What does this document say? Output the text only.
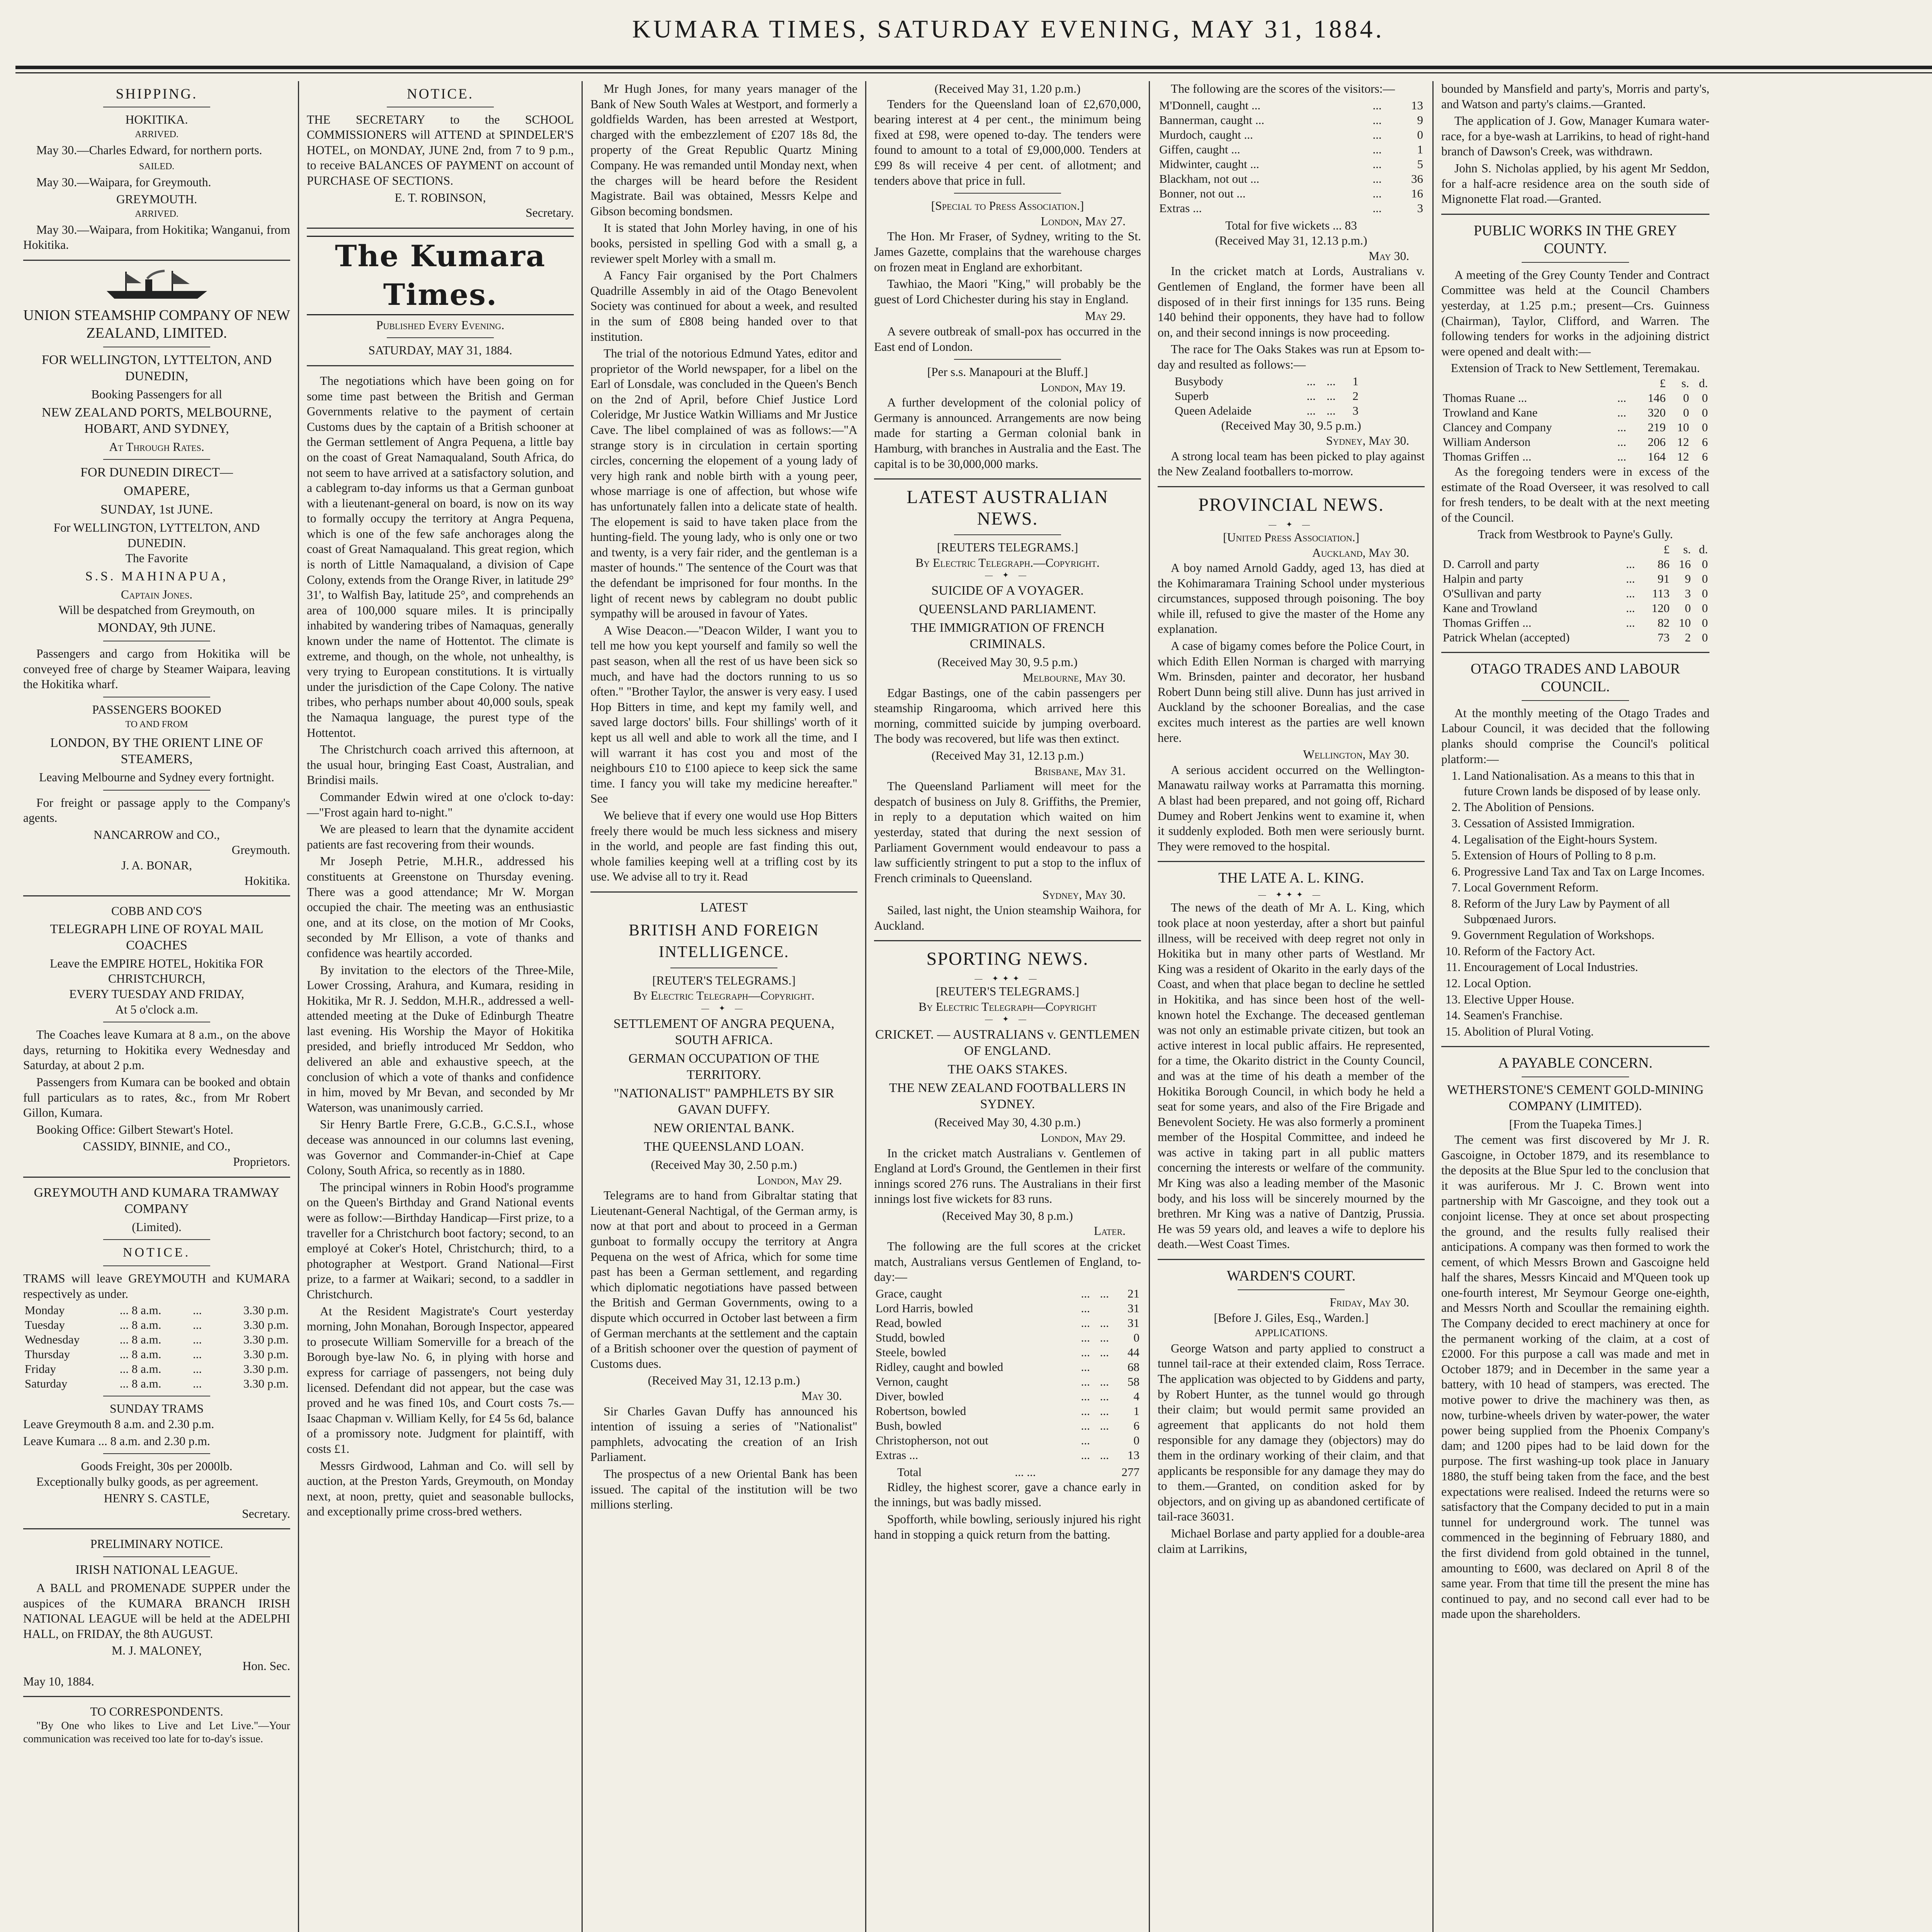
KUMARA TIMES, SATURDAY EVENING, MAY 31, 1884.
SHIPPING.
HOKITIKA.
ARRIVED.

May 30.—Charles Edward, for northern ports.

SAILED.

May 30.—Waipara, for Greymouth.

GREYMOUTH.
ARRIVED.

May 30.—Waipara, from Hokitika; Wanganui, from Hokitika.

UNION STEAMSHIP COMPANY OF NEW ZEALAND, LIMITED.
FOR WELLINGTON, LYTTELTON, AND DUNEDIN,
Booking Passengers for all
NEW ZEALAND PORTS, MELBOURNE, HOBART, AND SYDNEY,
At Through Rates.
FOR DUNEDIN DIRECT—
OMAPERE,
SUNDAY, 1st JUNE.
For WELLINGTON, LYTTELTON, AND DUNEDIN.
The Favorite
S.S. MAHINAPUA,
Captain Jones.
Will be despatched from Greymouth, on
MONDAY, 9th JUNE.

Passengers and cargo from Hokitika will be conveyed free of charge by Steamer Waipara, leaving the Hokitika wharf.

PASSENGERS BOOKED
TO AND FROM
LONDON, BY THE ORIENT LINE OF STEAMERS,
Leaving Melbourne and Sydney every fortnight.

For freight or passage apply to the Company's agents.

NANCARROW and CO.,
Greymouth.
J. A. BONAR,
Hokitika.
COBB AND CO'S
TELEGRAPH LINE OF ROYAL MAIL COACHES
Leave the EMPIRE HOTEL, Hokitika FOR CHRISTCHURCH,
EVERY TUESDAY AND FRIDAY,
At 5 o'clock a.m.

The Coaches leave Kumara at 8 a.m., on the above days, returning to Hokitika every Wednesday and Saturday, at about 2 p.m.

Passengers from Kumara can be booked and obtain full particulars as to rates, &c., from Mr Robert Gillon, Kumara.

Booking Office: Gilbert Stewart's Hotel.

CASSIDY, BINNIE, and CO.,
Proprietors.
GREYMOUTH AND KUMARA TRAMWAY COMPANY
(Limited).
NOTICE.

TRAMS will leave GREYMOUTH and KUMARA respectively as under.

Monday	... 8 a.m.	...	3.30 p.m.
Tuesday	... 8 a.m.	...	3.30 p.m.
Wednesday	... 8 a.m.	...	3.30 p.m.
Thursday	... 8 a.m.	...	3.30 p.m.
Friday	... 8 a.m.	...	3.30 p.m.
Saturday	... 8 a.m.	...	3.30 p.m.
SUNDAY TRAMS

Leave Greymouth 8 a.m. and 2.30 p.m.

Leave Kumara ... 8 a.m. and 2.30 p.m.

Goods Freight, 30s per 2000lb.

Exceptionally bulky goods, as per agreement.

HENRY S. CASTLE,
Secretary.
PRELIMINARY NOTICE.
IRISH NATIONAL LEAGUE.

A BALL and PROMENADE SUPPER under the auspices of the KUMARA BRANCH IRISH NATIONAL LEAGUE will be held at the ADELPHI HALL, on FRIDAY, the 8th AUGUST.

M. J. MALONEY,
Hon. Sec.
May 10, 1884.
TO CORRESPONDENTS.

"By One who likes to Live and Let Live."—Your communication was received too late for to-day's issue.

NOTICE.

THE SECRETARY to the SCHOOL COMMISSIONERS will ATTEND at SPINDELER'S HOTEL, on MONDAY, JUNE 2nd, from 7 to 9 p.m., to receive BALANCES OF PAYMENT on account of PURCHASE OF SECTIONS.

E. T. ROBINSON,
Secretary.
The Kumara Times.
Published Every Evening.
SATURDAY, MAY 31, 1884.

The negotiations which have been going on for some time past between the British and German Governments relative to the payment of certain Customs dues by the captain of a British schooner at the German settlement of Angra Pequena, a little bay on the coast of Great Namaqualand, South Africa, do not seem to have arrived at a satisfactory solution, and a cablegram to-day informs us that a German gunboat with a lieutenant-general on board, is now on its way to formally occupy the territory at Angra Pequena, which is one of the few safe anchorages along the coast of Great Namaqualand. This great region, which is north of Little Namaqualand, a division of Cape Colony, extends from the Orange River, in latitude 29° 31', to Walfish Bay, latitude 25°, and comprehends an area of 100,000 square miles. It is principally inhabited by wandering tribes of Namaquas, generally known under the name of Hottentot. The climate is extreme, and though, on the whole, not unhealthy, is very trying to European constitutions. It is virtually under the jurisdiction of the Cape Colony. The native tribes, who perhaps number about 40,000 souls, speak the Namaqua language, the purest type of the Hottentot.

The Christchurch coach arrived this afternoon, at the usual hour, bringing East Coast, Australian, and Brindisi mails.

Commander Edwin wired at one o'clock to-day:—"Frost again hard to-night."

We are pleased to learn that the dynamite accident patients are fast recovering from their wounds.

Mr Joseph Petrie, M.H.R., addressed his constituents at Greenstone on Thursday evening. There was a good attendance; Mr W. Morgan occupied the chair. The meeting was an enthusiastic one, and at its close, on the motion of Mr Cooks, seconded by Mr Ellison, a vote of thanks and confidence was heartily accorded.

By invitation to the electors of the Three-Mile, Lower Crossing, Arahura, and Kumara, residing in Hokitika, Mr R. J. Seddon, M.H.R., addressed a well-attended meeting at the Duke of Edinburgh Theatre last evening. His Worship the Mayor of Hokitika presided, and briefly introduced Mr Seddon, who delivered an able and exhaustive speech, at the conclusion of which a vote of thanks and confidence in him, moved by Mr Bevan, and seconded by Mr Waterson, was unanimously carried.

Sir Henry Bartle Frere, G.C.B., G.C.S.I., whose decease was announced in our columns last evening, was Governor and Commander-in-Chief at Cape Colony, South Africa, so recently as in 1880.

The principal winners in Robin Hood's programme on the Queen's Birthday and Grand National events were as follow:—Birthday Handicap—First prize, to a traveller for a Christchurch boot factory; second, to an employé at Coker's Hotel, Christchurch; third, to a photographer at Westport. Grand National—First prize, to a farmer at Waikari; second, to a saddler in Christchurch.

At the Resident Magistrate's Court yesterday morning, John Monahan, Borough Inspector, appeared to prosecute William Somerville for a breach of the Borough bye-law No. 6, in plying with horse and express for carriage of passengers, not being duly licensed. Defendant did not appear, but the case was proved and he was fined 10s, and Court costs 7s.—Isaac Chapman v. William Kelly, for £4 5s 6d, balance of a promissory note. Judgment for plaintiff, with costs £1.

Messrs Girdwood, Lahman and Co. will sell by auction, at the Preston Yards, Greymouth, on Monday next, at noon, pretty, quiet and seasonable bullocks, and exceptionally prime cross-bred wethers.

Mr Hugh Jones, for many years manager of the Bank of New South Wales at Westport, and formerly a goldfields Warden, has been arrested at Westport, charged with the embezzlement of £207 18s 8d, the property of the Great Republic Quartz Mining Company. He was remanded until Monday next, when the charges will be heard before the Resident Magistrate. Bail was obtained, Messrs Kelpe and Gibson becoming bondsmen.

It is stated that John Morley having, in one of his books, persisted in spelling God with a small g, a reviewer spelt Morley with a small m.

A Fancy Fair organised by the Port Chalmers Quadrille Assembly in aid of the Otago Benevolent Society was continued for about a week, and resulted in the sum of £808 being handed over to that institution.

The trial of the notorious Edmund Yates, editor and proprietor of the World newspaper, for a libel on the Earl of Lonsdale, was concluded in the Queen's Bench on the 2nd of April, before Chief Justice Lord Coleridge, Mr Justice Watkin Williams and Mr Justice Cave. The libel complained of was as follows:—"A strange story is in circulation in certain sporting circles, concerning the elopement of a young lady of very high rank and noble birth with a young peer, whose marriage is one of affection, but whose wife has unfortunately fallen into a delicate state of health. The elopement is said to have taken place from the hunting-field. The young lady, who is only one or two and twenty, is a very fair rider, and the gentleman is a master of hounds." The sentence of the Court was that the defendant be imprisoned for four months. In the light of recent news by cablegram no doubt public sympathy will be aroused in favour of Yates.

A Wise Deacon.—"Deacon Wilder, I want you to tell me how you kept yourself and family so well the past season, when all the rest of us have been sick so much, and have had the doctors running to us so often." "Brother Taylor, the answer is very easy. I used Hop Bitters in time, and kept my family well, and saved large doctors' bills. Four shillings' worth of it kept us all well and able to work all the time, and I will warrant it has cost you and most of the neighbours £10 to £100 apiece to keep sick the same time. I fancy you will take my medicine hereafter." See

We believe that if every one would use Hop Bitters freely there would be much less sickness and misery in the world, and people are fast finding this out, whole families keeping well at a trifling cost by its use. We advise all to try it. Read

LATEST
BRITISH AND FOREIGN INTELLIGENCE.
[REUTER'S TELEGRAMS.]
By Electric Telegraph—Copyright.
— ✦ —
SETTLEMENT OF ANGRA PEQUENA, SOUTH AFRICA.
GERMAN OCCUPATION OF THE TERRITORY.
"NATIONALIST" PAMPHLETS BY SIR GAVAN DUFFY.
NEW ORIENTAL BANK.
THE QUEENSLAND LOAN.
(Received May 30, 2.50 p.m.)
London, May 29.

Telegrams are to hand from Gibraltar stating that Lieutenant-General Nachtigal, of the German army, is now at that port and about to proceed in a German gunboat to formally occupy the territory at Angra Pequena on the west of Africa, which for some time past has been a German settlement, and regarding which diplomatic negotiations have passed between the British and German Governments, owing to a dispute which occurred in October last between a firm of German merchants at the settlement and the captain of a British schooner over the question of payment of Customs dues.

(Received May 31, 12.13 p.m.)
May 30.

Sir Charles Gavan Duffy has announced his intention of issuing a series of "Nationalist" pamphlets, advocating the creation of an Irish Parliament.

The prospectus of a new Oriental Bank has been issued. The capital of the institution will be two millions sterling.

(Received May 31, 1.20 p.m.)

Tenders for the Queensland loan of £2,670,000, bearing interest at 4 per cent., the minimum being fixed at £98, were opened to-day. The tenders were found to amount to a total of £9,000,000. Tenders at £99 8s will receive 4 per cent. of allotment; and tenders above that price in full.

[Special to Press Association.]
London, May 27.

The Hon. Mr Fraser, of Sydney, writing to the St. James Gazette, complains that the warehouse charges on frozen meat in England are exhorbitant.

Tawhiao, the Maori "King," will probably be the guest of Lord Chichester during his stay in England.

May 29.

A severe outbreak of small-pox has occurred in the East end of London.

[Per s.s. Manapouri at the Bluff.]
London, May 19.

A further development of the colonial policy of Germany is announced. Arrangements are now being made for starting a German colonial bank in Hamburg, with branches in Australia and the East. The capital is to be 30,000,000 marks.

LATEST AUSTRALIAN NEWS.
[REUTERS TELEGRAMS.]
By Electric Telegraph.—Copyright.
— ✦ —
SUICIDE OF A VOYAGER.
QUEENSLAND PARLIAMENT.
THE IMMIGRATION OF FRENCH CRIMINALS.
(Received May 30, 9.5 p.m.)
Melbourne, May 30.

Edgar Bastings, one of the cabin passengers per steamship Ringarooma, which arrived here this morning, committed suicide by jumping overboard. The body was recovered, but life was then extinct.

(Received May 31, 12.13 p.m.)
Brisbane, May 31.

The Queensland Parliament will meet for the despatch of business on July 8. Griffiths, the Premier, in reply to a deputation which waited on him yesterday, stated that during the next session of Parliament Government would endeavour to pass a law sufficiently stringent to put a stop to the influx of French criminals to Queensland.

Sydney, May 30.

Sailed, last night, the Union steamship Waihora, for Auckland.

SPORTING NEWS.
— ✦✦✦ —
[REUTER'S TELEGRAMS.]
By Electric Telegraph—Copyright
— ✦ —
CRICKET. — AUSTRALIANS v. GENTLEMEN OF ENGLAND.
THE OAKS STAKES.
THE NEW ZEALAND FOOTBALLERS IN SYDNEY.
(Received May 30, 4.30 p.m.)
London, May 29.

In the cricket match Australians v. Gentlemen of England at Lord's Ground, the Gentlemen in their first innings scored 276 runs. The Australians in their first innings lost five wickets for 83 runs.

(Received May 30, 8 p.m.)
Later.

The following are the full scores at the cricket match, Australians versus Gentlemen of England, to-day:—

Grace, caught	...	...	21
Lord Harris, bowled	...		31
Read, bowled	...	...	31
Studd, bowled	...	...	0
Steele, bowled	...	...	44
Ridley, caught and bowled	...		68
Vernon, caught	...	...	58
Diver, bowled	...	...	4
Robertson, bowled	...	...	1
Bush, bowled	...	...	6
Christopherson, not out	...		0
Extras ...	...	...	13
Total	... ...	277

Ridley, the highest scorer, gave a chance early in the innings, but was badly missed.

Spofforth, while bowling, seriously injured his right hand in stopping a quick return from the batting.

The following are the scores of the visitors:—

M'Donnell, caught ...	...	13
Bannerman, caught ...	...	9
Murdoch, caught ...	...	0
Giffen, caught ...	...	1
Midwinter, caught ...	...	5
Blackham, not out ...	...	36
Bonner, not out ...	...	16
Extras ...	...	3
Total for five wickets ... 83
(Received May 31, 12.13 p.m.)
May 30.

In the cricket match at Lords, Australians v. Gentlemen of England, the former have been all disposed of in their first innings for 135 runs. Being 140 behind their opponents, they have had to follow on, and their second innings is now proceeding.

The race for The Oaks Stakes was run at Epsom to-day and resulted as follows:—

Busybody	...	...	1
Superb	...	...	2
Queen Adelaide	...	...	3
(Received May 30, 9.5 p.m.)
Sydney, May 30.

A strong local team has been picked to play against the New Zealand footballers to-morrow.

PROVINCIAL NEWS.
— ✦ —
[United Press Association.]
Auckland, May 30.

A boy named Arnold Gaddy, aged 13, has died at the Kohimaramara Training School under mysterious circumstances, supposed through poisoning. The boy while ill, refused to give the master of the Home any explanation.

A case of bigamy comes before the Police Court, in which Edith Ellen Norman is charged with marrying Wm. Brinsden, painter and decorator, her husband Robert Dunn being still alive. Dunn has just arrived in Auckland by the schooner Borealias, and the case excites much interest as the parties are well known here.

Wellington, May 30.

A serious accident occurred on the Wellington-Manawatu railway works at Parramatta this morning. A blast had been prepared, and not going off, Richard Dumey and Robert Jenkins went to examine it, when it suddenly exploded. Both men were seriously burnt. They were removed to the hospital.

THE LATE A. L. KING.
— ✦✦✦ —

The news of the death of Mr A. L. King, which took place at noon yesterday, after a short but painful illness, will be received with deep regret not only in Hokitika but in many other parts of Westland. Mr King was a resident of Okarito in the early days of the Coast, and when that place began to decline he settled in Hokitika, and has since been host of the well-known hotel the Exchange. The deceased gentleman was not only an estimable private citizen, but took an active interest in local public affairs. He represented, for a time, the Okarito district in the County Council, and was at the time of his death a member of the Hokitika Borough Council, in which body he held a seat for some years, and also of the Fire Brigade and Benevolent Society. He was also formerly a prominent member of the Hospital Committee, and indeed he was active in taking part in all public matters concerning the interests or welfare of the community. Mr King was also a leading member of the Masonic body, and his loss will be sincerely mourned by the brethren. Mr King was a native of Dantzig, Prussia. He was 59 years old, and leaves a wife to deplore his death.—West Coast Times.

WARDEN'S COURT.
Friday, May 30.
[Before J. Giles, Esq., Warden.]
APPLICATIONS.

George Watson and party applied to construct a tunnel tail-race at their extended claim, Ross Terrace. The application was objected to by Giddens and party, by Robert Hunter, as the tunnel would go through their claim; but would permit same provided an agreement that applicants do not hold them responsible for any damage they (objectors) may do them in the ordinary working of their claim, and that applicants be responsible for any damage they may do to them.—Granted, on condition asked for by objectors, and on giving up as abandoned certificate of tail-race 36031.

Michael Borlase and party applied for a double-area claim at Larrikins,

bounded by Mansfield and party's, Morris and party's, and Watson and party's claims.—Granted.

The application of J. Gow, Manager Kumara water-race, for a bye-wash at Larrikins, to head of right-hand branch of Dawson's Creek, was withdrawn.

John S. Nicholas applied, by his agent Mr Seddon, for a half-acre residence area on the south side of Mignonette Flat road.—Granted.

PUBLIC WORKS IN THE GREY COUNTY.

A meeting of the Grey County Tender and Contract Committee was held at the Council Chambers yesterday, at 1.25 p.m.; present—Crs. Guinness (Chairman), Taylor, Clifford, and Warren. The following tenders for works in the adjoining district were opened and dealt with:—

Extension of Track to New Settlement, Teremakau.
		£	s.	d.
Thomas Ruane ...	...	146	0	0
Trowland and Kane	...	320	0	0
Clancey and Company	...	219	10	0
William Anderson	...	206	12	6
Thomas Griffen ...	...	164	12	6

As the foregoing tenders were in excess of the estimate of the Road Overseer, it was resolved to call for fresh tenders, to be dealt with at the next meeting of the Council.

Track from Westbrook to Payne's Gully.
		£	s.	d.
D. Carroll and party	...	86	16	0
Halpin and party	...	91	9	0
O'Sullivan and party	...	113	3	0
Kane and Trowland	...	120	0	0
Thomas Griffen ...	...	82	10	0
Patrick Whelan (accepted)		73	2	0
OTAGO TRADES AND LABOUR COUNCIL.

At the monthly meeting of the Otago Trades and Labour Council, it was decided that the following planks should comprise the Council's political platform:—

1. Land Nationalisation. As a means to this that in future Crown lands be disposed of by lease only.
2. The Abolition of Pensions.
3. Cessation of Assisted Immigration.
4. Legalisation of the Eight-hours System.
5. Extension of Hours of Polling to 8 p.m.
6. Progressive Land Tax and Tax on Large Incomes.
7. Local Government Reform.
8. Reform of the Jury Law by Payment of all Subpœnaed Jurors.
9. Government Regulation of Workshops.
10. Reform of the Factory Act.
11. Encouragement of Local Industries.
12. Local Option.
13. Elective Upper House.
14. Seamen's Franchise.
15. Abolition of Plural Voting.
A PAYABLE CONCERN.
WETHERSTONE'S CEMENT GOLD-MINING COMPANY (LIMITED).
[From the Tuapeka Times.]

The cement was first discovered by Mr J. R. Gascoigne, in October 1879, and its resemblance to the deposits at the Blue Spur led to the conclusion that it was auriferous. Mr J. C. Brown went into partnership with Mr Gascoigne, and they took out a conjoint license. They at once set about prospecting the ground, and the results fully realised their anticipations. A company was then formed to work the cement, of which Messrs Brown and Gascoigne held half the shares, Messrs Kincaid and M'Queen took up one-fourth interest, Mr Seymour George one-eighth, and Messrs North and Scoullar the remaining eighth. The Company decided to erect machinery at once for the permanent working of the claim, at a cost of £2000. For this purpose a call was made and met in October 1879; and in December in the same year a battery, with 10 head of stampers, was erected. The motive power to drive the machinery was then, as now, turbine-wheels driven by water-power, the water power being supplied from the Phoenix Company's dam; and 1200 pipes had to be laid down for the purpose. The first washing-up took place in January 1880, the stuff being taken from the face, and the best expectations were realised. Indeed the returns were so satisfactory that the Company decided to put in a main tunnel for underground work. The tunnel was commenced in the beginning of February 1880, and the first dividend from gold obtained in the tunnel, amounting to £600, was declared on April 8 of the same year. From that time till the present the mine has continued to pay, and no second call ever had to be made upon the shareholders.
